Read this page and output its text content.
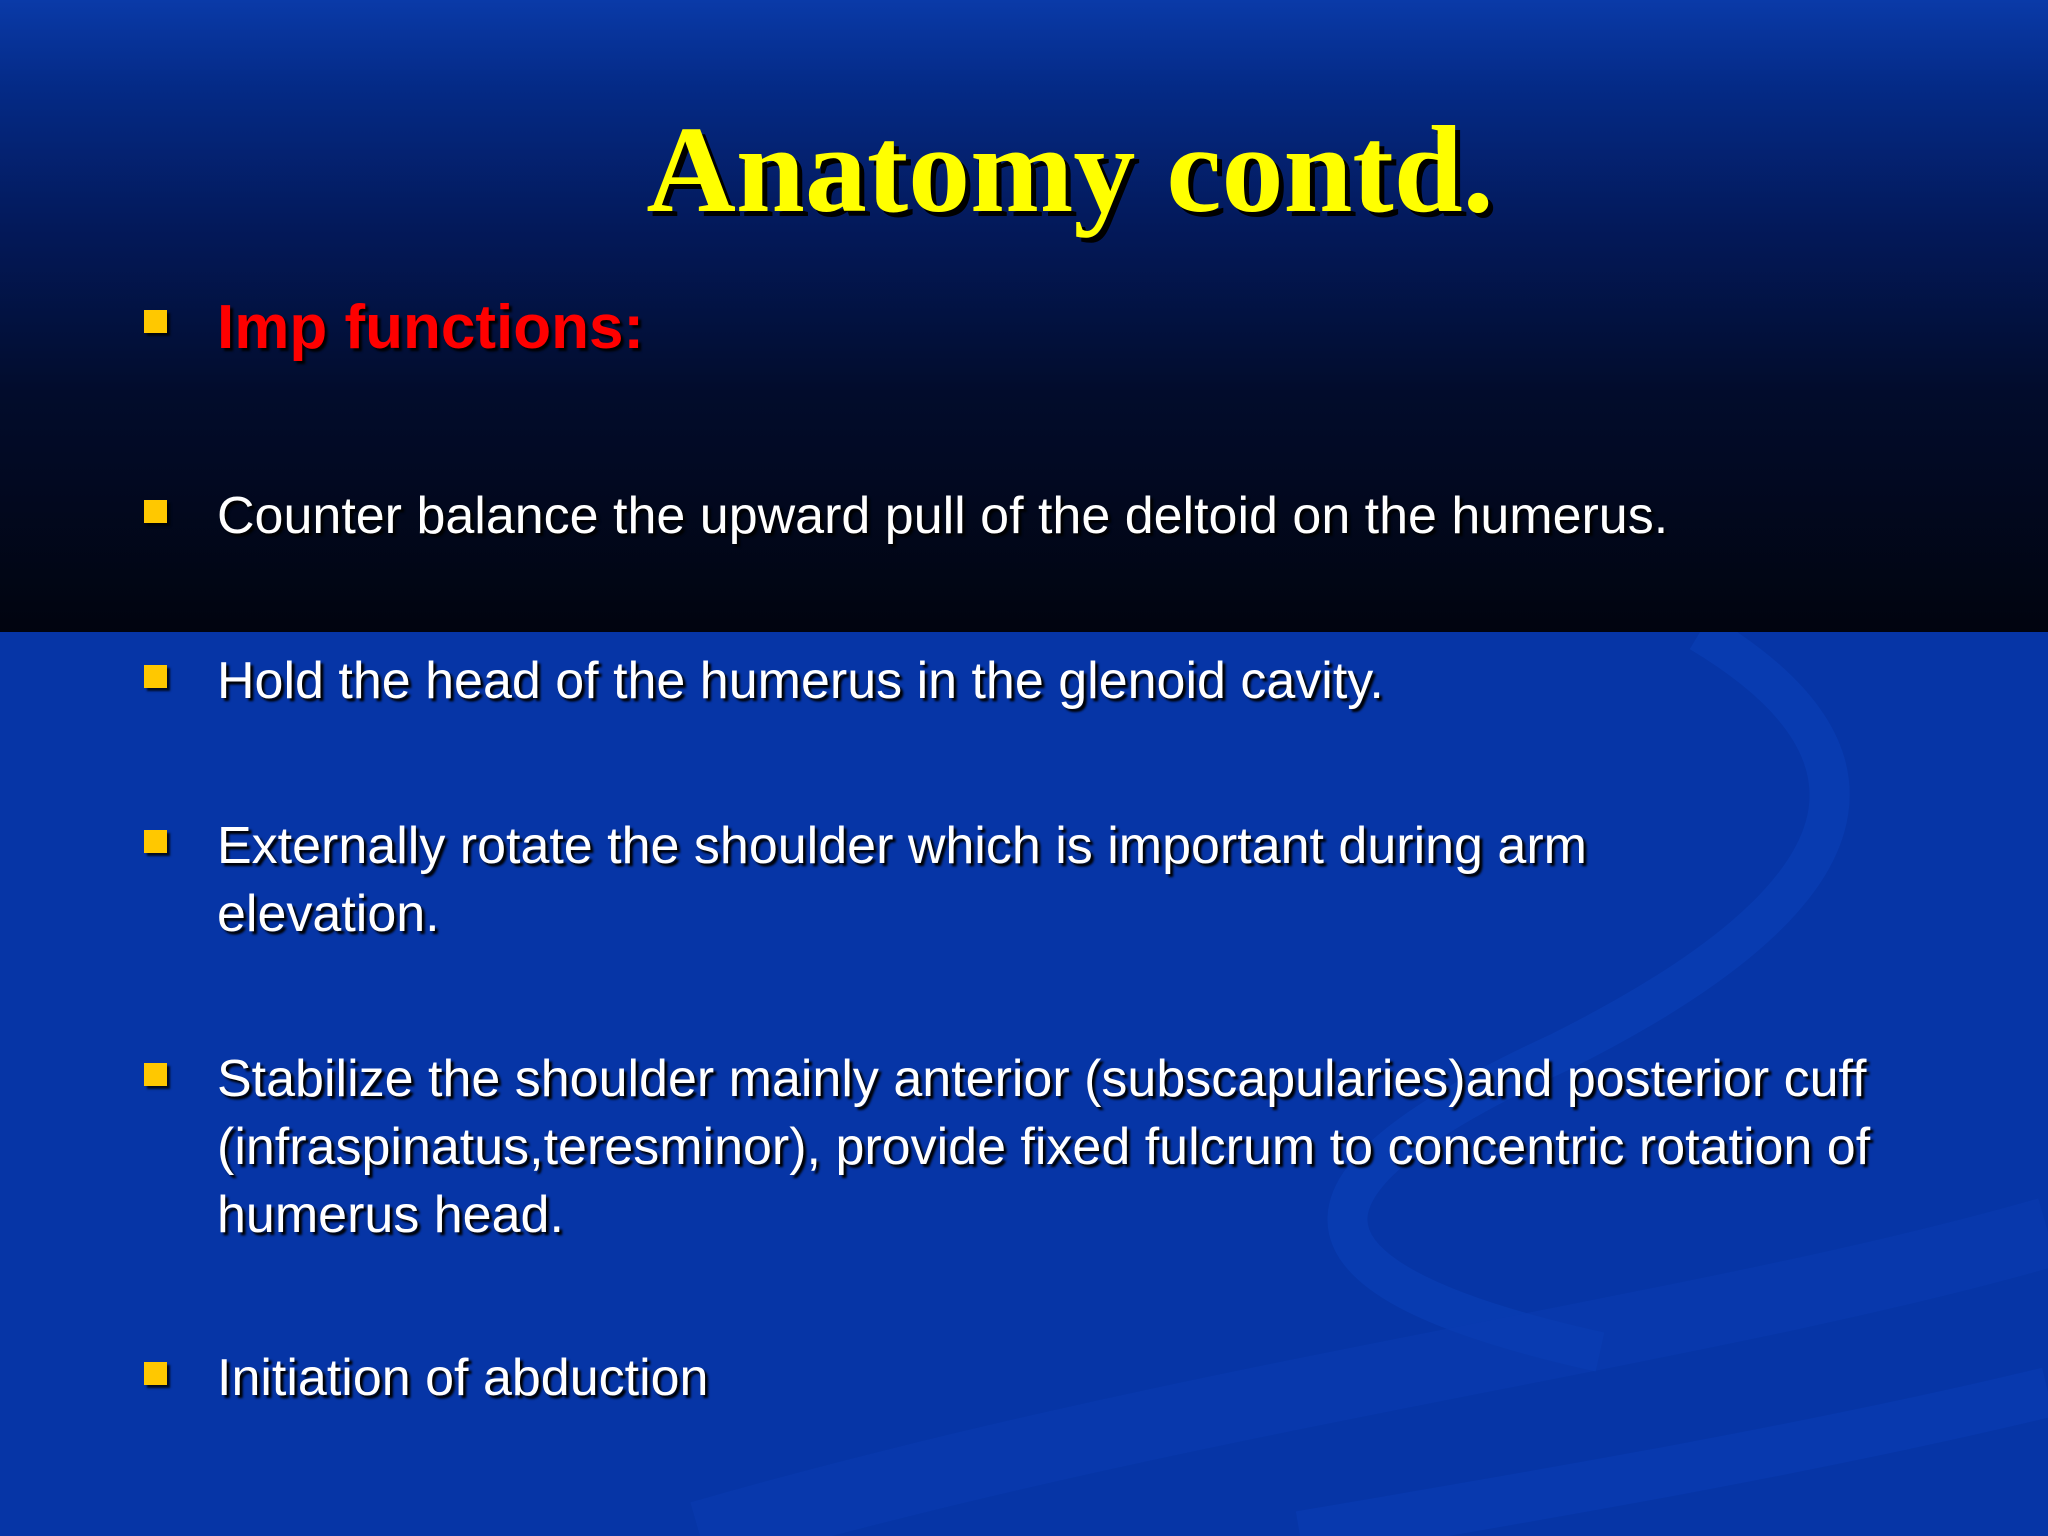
Anatomy contd.
Imp functions:
Counter balance the upward pull of the deltoid on the humerus.
Hold the head of the humerus in the glenoid cavity.
Externally rotate the shoulder which is important during arm elevation.
Stabilize the shoulder mainly anterior (subscapularies)and posterior cuff (infraspinatus,teresminor), provide fixed fulcrum to concentric rotation of humerus head.
Initiation of abduction
